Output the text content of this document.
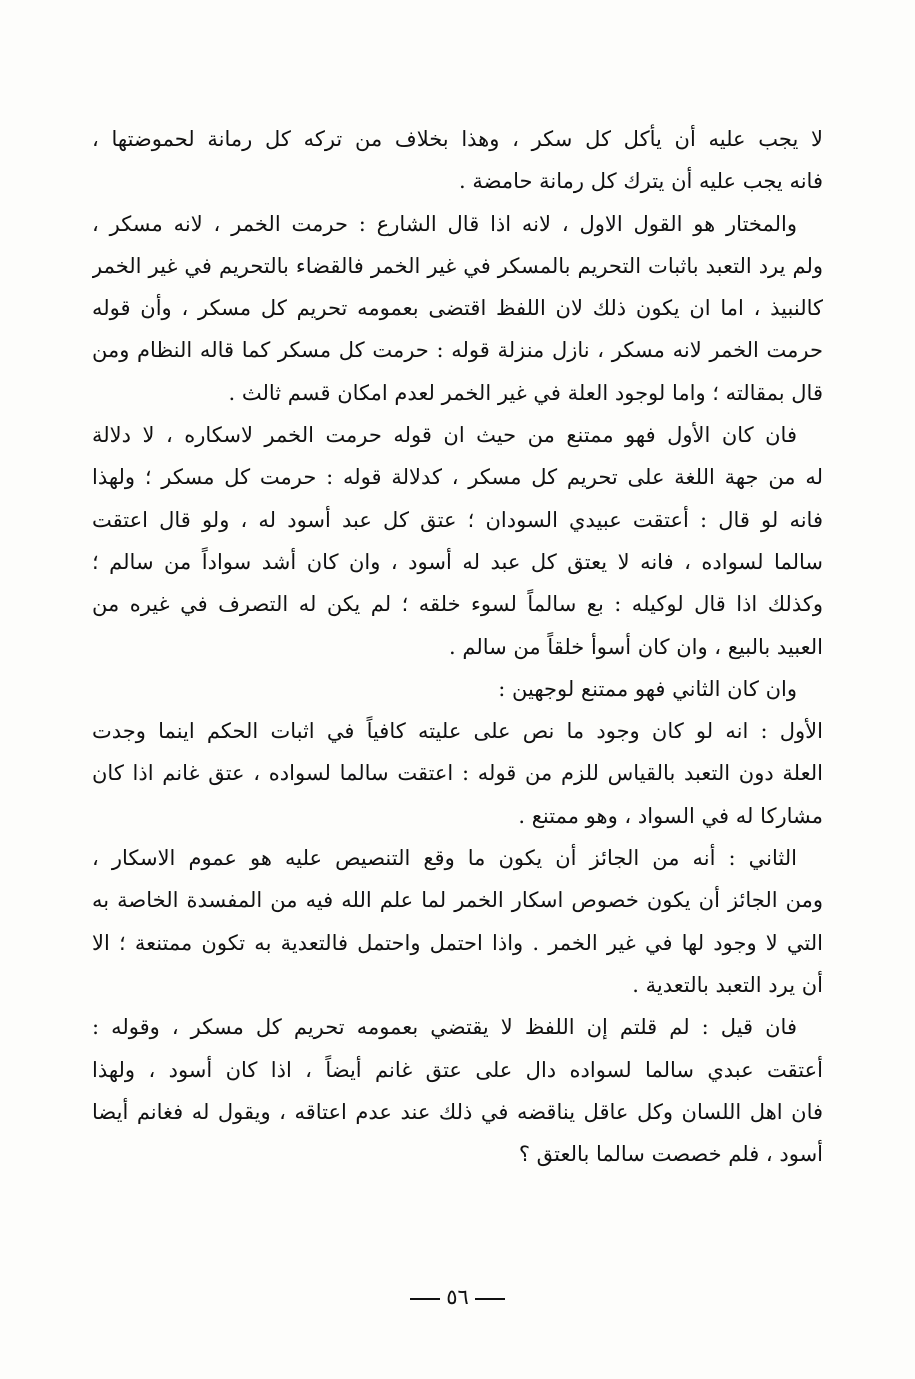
لا يجب عليه أن يأكل كل سكر ، وهذا بخلاف من تركه كل رمانة لحموضتها ،
فانه يجب عليه أن يترك كل رمانة حامضة .
والمختار هو القول الاول ، لانه اذا قال الشارع : حرمت الخمر ، لانه مسكر ،
ولم يرد التعبد باثبات التحريم بالمسكر في غير الخمر فالقضاء بالتحريم في غير الخمر
كالنبيذ ، اما ان يكون ذلك لان اللفظ اقتضى بعمومه تحريم كل مسكر ، وأن قوله
حرمت الخمر لانه مسكر ، نازل منزلة قوله : حرمت كل مسكر كما قاله النظام ومن
قال بمقالته ؛ واما لوجود العلة في غير الخمر لعدم امكان قسم ثالث .
فان كان الأول فهو ممتنع من حيث ان قوله حرمت الخمر لاسكاره ، لا دلالة
له من جهة اللغة على تحريم كل مسكر ، كدلالة قوله : حرمت كل مسكر ؛ ولهذا
فانه لو قال : أعتقت عبيدي السودان ؛ عتق كل عبد أسود له ، ولو قال اعتقت
سالما لسواده ، فانه لا يعتق كل عبد له أسود ، وان كان أشد سواداً من سالم ؛
وكذلك اذا قال لوكيله : بع سالماً لسوء خلقه ؛ لم يكن له التصرف في غيره من
العبيد بالبيع ، وان كان أسوأ خلقاً من سالم .
وان كان الثاني فهو ممتنع لوجهين :
الأول : انه لو كان وجود ما نص على عليته كافياً في اثبات الحكم اينما وجدت
العلة دون التعبد بالقياس للزم من قوله : اعتقت سالما لسواده ، عتق غانم اذا كان
مشاركا له في السواد ، وهو ممتنع .
الثاني : أنه من الجائز أن يكون ما وقع التنصيص عليه هو عموم الاسكار ،
ومن الجائز أن يكون خصوص اسكار الخمر لما علم الله فيه من المفسدة الخاصة به
التي لا وجود لها في غير الخمر . واذا احتمل واحتمل فالتعدية به تكون ممتنعة ؛ الا
أن يرد التعبد بالتعدية .
فان قيل : لم قلتم إن اللفظ لا يقتضي بعمومه تحريم كل مسكر ، وقوله :
أعتقت عبدي سالما لسواده دال على عتق غانم أيضاً ، اذا كان أسود ، ولهذا
فان اهل اللسان وكل عاقل يناقضه في ذلك عند عدم اعتاقه ، ويقول له فغانم أيضا
أسود ، فلم خصصت سالما بالعتق ؟
٥٦
